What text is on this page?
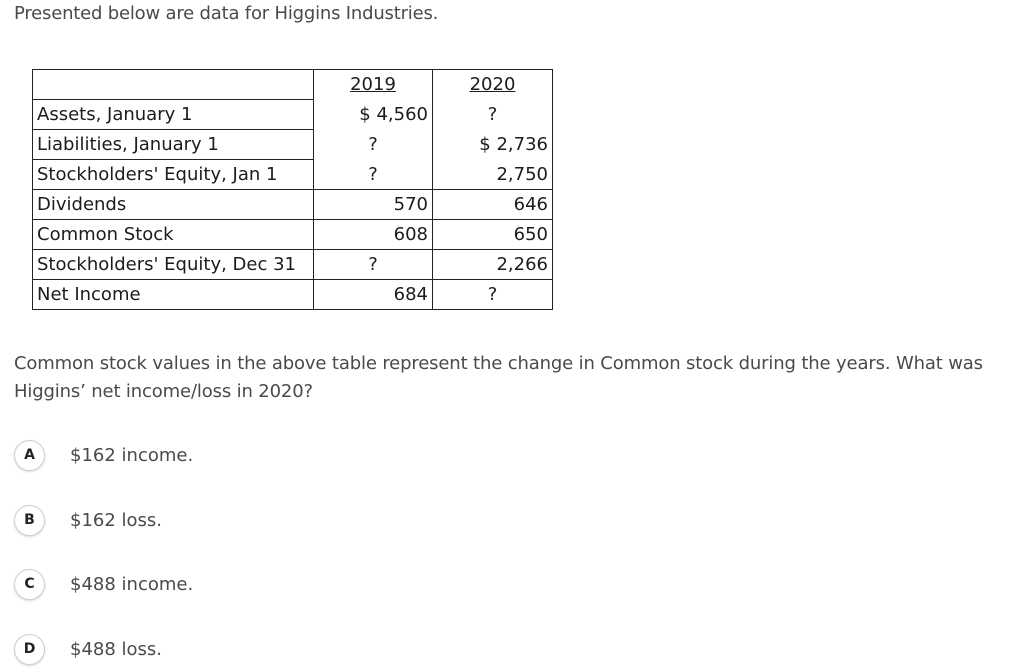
Presented below are data for Higgins Industries.
	2019	2020
Assets, January 1	$ 4,560	?
Liabilities, January 1	?	$ 2,736
Stockholders' Equity, Jan 1	?	2,750
Dividends	570	646
Common Stock	608	650
Stockholders' Equity, Dec 31	?	2,266
Net Income	684	?
Common stock values in the above table represent the change in Common stock during the years. What was
Higgins’ net income/loss in 2020?
A	$162 income.
B	$162 loss.
C	$488 income.
D	$488 loss.
